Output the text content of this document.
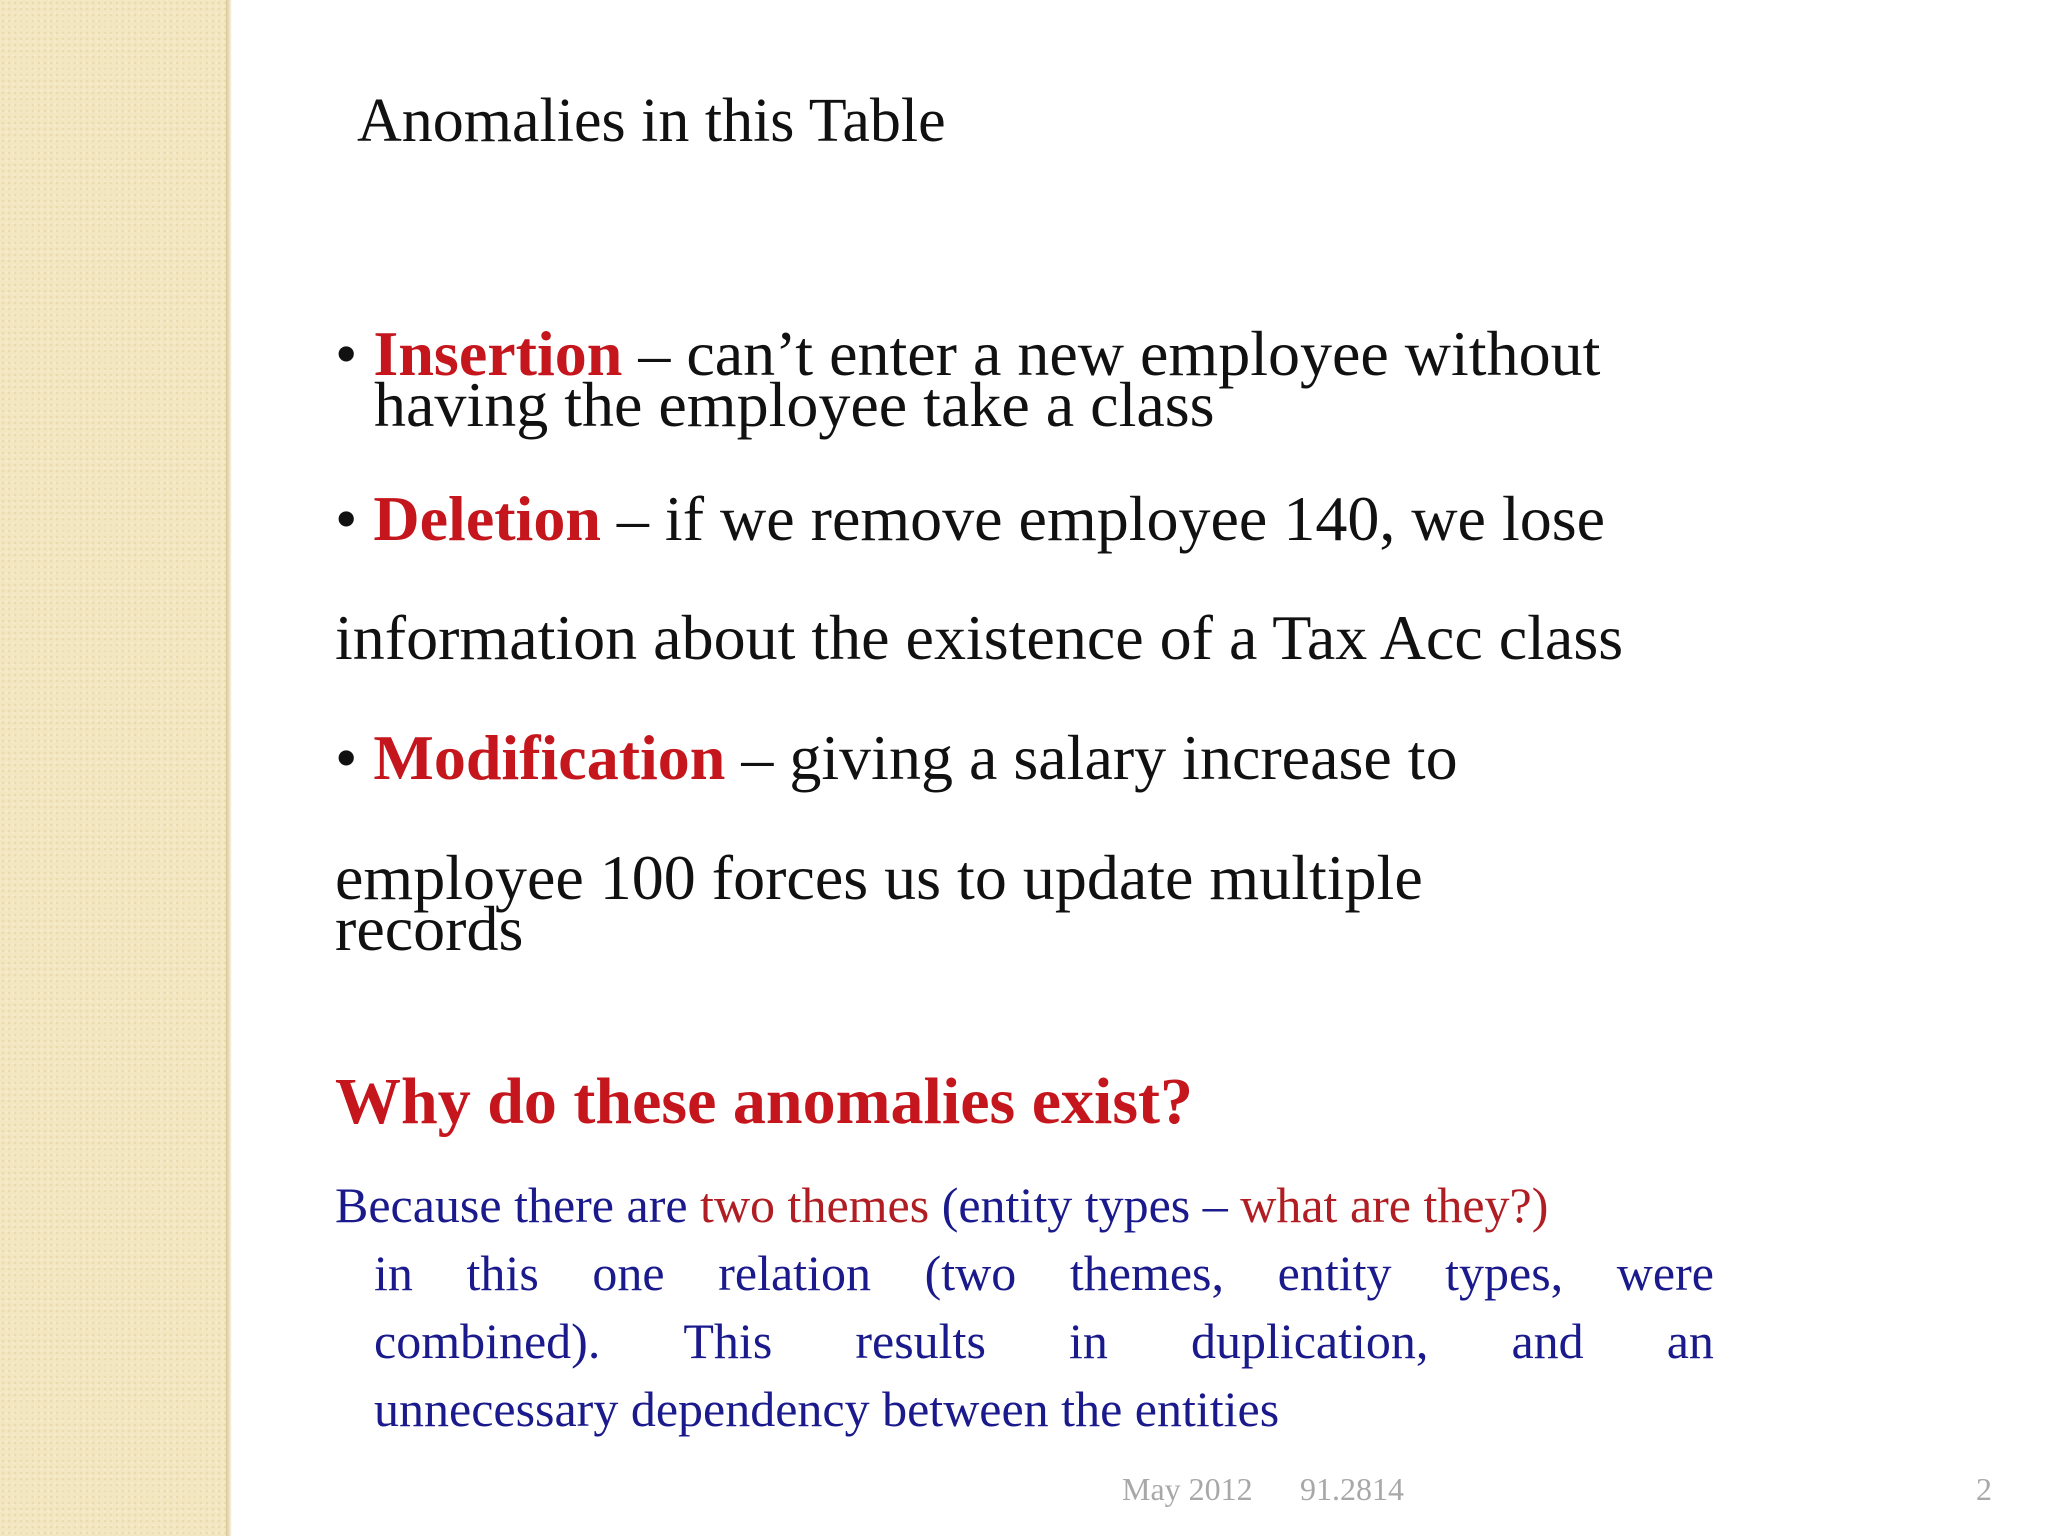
Anomalies in this Table
• Insertion – can’t enter a new employee without
having the employee take a class
• Deletion – if we remove employee 140, we lose
information about the existence of a Tax Acc class
• Modification – giving a salary increase to
employee 100 forces us to update multiple
records
Why do these anomalies exist?
Because there are two themes (entity types – what are they?)
in this one relation (two themes, entity types, were
combined). This results in duplication, and an
unnecessary dependency between the entities
May 2012 91.2814	2
